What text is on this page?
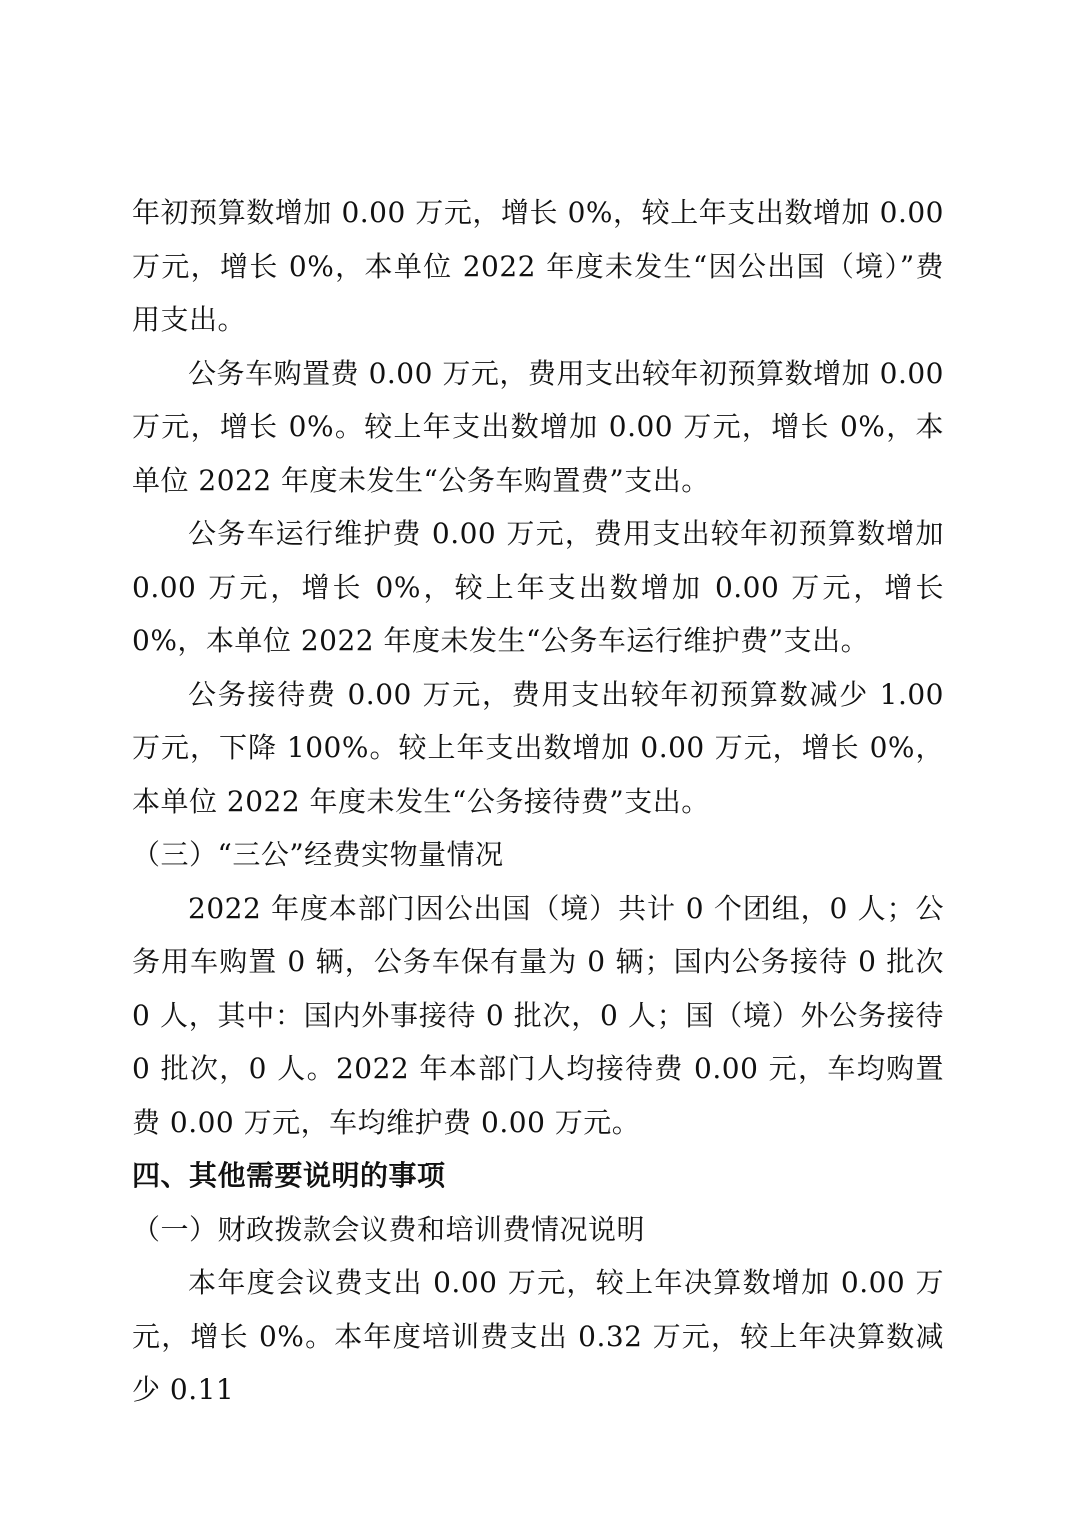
年初预算数增加 0.00 万元，增长 0%，较上年支出数增加 0.00 万元，增长 0%，本单位 2022 年度未发生“因公出国（境）”费用支出。

公务车购置费 0.00 万元，费用支出较年初预算数增加 0.00 万元，增长 0%。较上年支出数增加 0.00 万元，增长 0%，本单位 2022 年度未发生“公务车购置费”支出。

公务车运行维护费 0.00 万元，费用支出较年初预算数增加 0.00 万元，增长 0%，较上年支出数增加 0.00 万元，增长 0%，本单位 2022 年度未发生“公务车运行维护费”支出。

公务接待费 0.00 万元，费用支出较年初预算数减少 1.00 万元，下降 100%。较上年支出数增加 0.00 万元，增长 0%，本单位 2022 年度未发生“公务接待费”支出。

（三）“三公”经费实物量情况

2022 年度本部门因公出国（境）共计 0 个团组，0 人；公务用车购置 0 辆，公务车保有量为 0 辆；国内公务接待 0 批次 0 人，其中：国内外事接待 0 批次，0 人；国（境）外公务接待 0 批次，0 人。2022 年本部门人均接待费 0.00 元，车均购置费 0.00 万元，车均维护费 0.00 万元。

四、其他需要说明的事项

（一）财政拨款会议费和培训费情况说明

本年度会议费支出 0.00 万元，较上年决算数增加 0.00 万元，增长 0%。本年度培训费支出 0.32 万元，较上年决算数减少 0.11
